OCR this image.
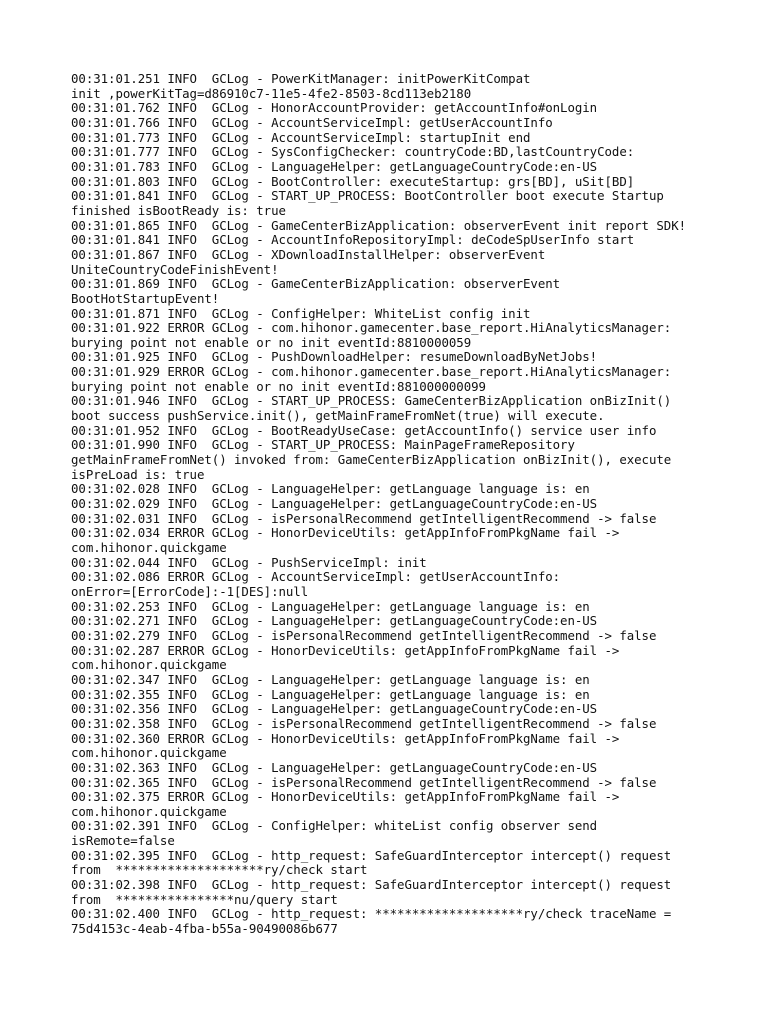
00:31:01.251 INFO  GCLog - PowerKitManager: initPowerKitCompat

init ,powerKitTag=d86910c7-11e5-4fe2-8503-8cd113eb2180

00:31:01.762 INFO  GCLog - HonorAccountProvider: getAccountInfo#onLogin

00:31:01.766 INFO  GCLog - AccountServiceImpl: getUserAccountInfo

00:31:01.773 INFO  GCLog - AccountServiceImpl: startupInit end

00:31:01.777 INFO  GCLog - SysConfigChecker: countryCode:BD,lastCountryCode:

00:31:01.783 INFO  GCLog - LanguageHelper: getLanguageCountryCode:en-US

00:31:01.803 INFO  GCLog - BootController: executeStartup: grs[BD], uSit[BD]

00:31:01.841 INFO  GCLog - START_UP_PROCESS: BootController boot execute Startup

finished isBootReady is: true

00:31:01.865 INFO  GCLog - GameCenterBizApplication: observerEvent init report SDK!

00:31:01.841 INFO  GCLog - AccountInfoRepositoryImpl: deCodeSpUserInfo start

00:31:01.867 INFO  GCLog - XDownloadInstallHelper: observerEvent

UniteCountryCodeFinishEvent!

00:31:01.869 INFO  GCLog - GameCenterBizApplication: observerEvent

BootHotStartupEvent!

00:31:01.871 INFO  GCLog - ConfigHelper: WhiteList config init

00:31:01.922 ERROR GCLog - com.hihonor.gamecenter.base_report.HiAnalyticsManager:

burying point not enable or no init eventId:8810000059

00:31:01.925 INFO  GCLog - PushDownloadHelper: resumeDownloadByNetJobs!

00:31:01.929 ERROR GCLog - com.hihonor.gamecenter.base_report.HiAnalyticsManager:

burying point not enable or no init eventId:881000000099

00:31:01.946 INFO  GCLog - START_UP_PROCESS: GameCenterBizApplication onBizInit()

boot success pushService.init(), getMainFrameFromNet(true) will execute.

00:31:01.952 INFO  GCLog - BootReadyUseCase: getAccountInfo() service user info

00:31:01.990 INFO  GCLog - START_UP_PROCESS: MainPageFrameRepository

getMainFrameFromNet() invoked from: GameCenterBizApplication onBizInit(), execute

isPreLoad is: true

00:31:02.028 INFO  GCLog - LanguageHelper: getLanguage language is: en

00:31:02.029 INFO  GCLog - LanguageHelper: getLanguageCountryCode:en-US

00:31:02.031 INFO  GCLog - isPersonalRecommend getIntelligentRecommend -> false

00:31:02.034 ERROR GCLog - HonorDeviceUtils: getAppInfoFromPkgName fail ->

com.hihonor.quickgame

00:31:02.044 INFO  GCLog - PushServiceImpl: init

00:31:02.086 ERROR GCLog - AccountServiceImpl: getUserAccountInfo:

onError=[ErrorCode]:-1[DES]:null

00:31:02.253 INFO  GCLog - LanguageHelper: getLanguage language is: en

00:31:02.271 INFO  GCLog - LanguageHelper: getLanguageCountryCode:en-US

00:31:02.279 INFO  GCLog - isPersonalRecommend getIntelligentRecommend -> false

00:31:02.287 ERROR GCLog - HonorDeviceUtils: getAppInfoFromPkgName fail ->

com.hihonor.quickgame

00:31:02.347 INFO  GCLog - LanguageHelper: getLanguage language is: en

00:31:02.355 INFO  GCLog - LanguageHelper: getLanguage language is: en

00:31:02.356 INFO  GCLog - LanguageHelper: getLanguageCountryCode:en-US

00:31:02.358 INFO  GCLog - isPersonalRecommend getIntelligentRecommend -> false

00:31:02.360 ERROR GCLog - HonorDeviceUtils: getAppInfoFromPkgName fail ->

com.hihonor.quickgame

00:31:02.363 INFO  GCLog - LanguageHelper: getLanguageCountryCode:en-US

00:31:02.365 INFO  GCLog - isPersonalRecommend getIntelligentRecommend -> false

00:31:02.375 ERROR GCLog - HonorDeviceUtils: getAppInfoFromPkgName fail ->

com.hihonor.quickgame

00:31:02.391 INFO  GCLog - ConfigHelper: whiteList config observer send

isRemote=false

00:31:02.395 INFO  GCLog - http_request: SafeGuardInterceptor intercept() request

from  ********************ry/check start

00:31:02.398 INFO  GCLog - http_request: SafeGuardInterceptor intercept() request

from  ****************nu/query start

00:31:02.400 INFO  GCLog - http_request: ********************ry/check traceName =

75d4153c-4eab-4fba-b55a-90490086b677
